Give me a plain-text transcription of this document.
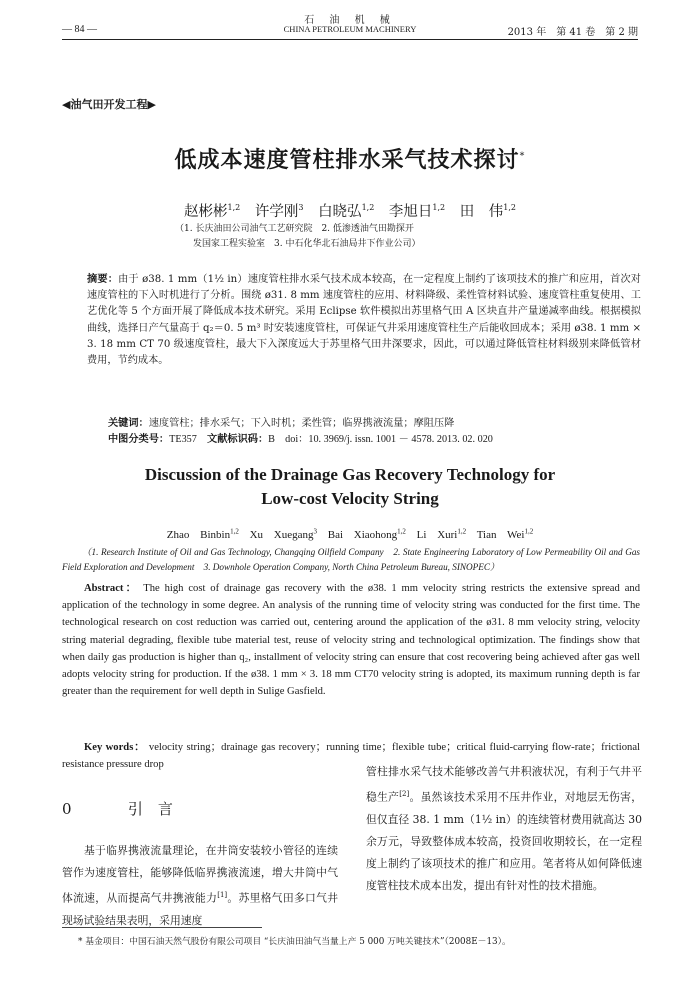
石 油 机 械
— 84 —	CHINA PETROLEUM MACHINERY	2013 年　第 41 卷　第 2 期
◀油气田开发工程▶
低成本速度管柱排水采气技术探讨*
赵彬彬$^{1,2}$ 许学刚$^3$ 白晓弘$^{1,2}$ 李旭日$^{1,2}$ 田　伟$^{1,2}$
（1. 长庆油田公司油气工艺研究院　2. 低渗透油气田勘探开
发国家工程实验室　3. 中石化华北石油局井下作业公司）
摘要：由于 ø38. 1 mm（1½ in）速度管柱排水采气技术成本较高，在一定程度上制约了该项技术的推广和应用，首次对速度管柱的下入时机进行了分析。围绕 ø31. 8 mm 速度管柱的应用、材料降级、柔性管材料试验、速度管柱重复使用、工艺优化等 5 个方面开展了降低成本技术研究。采用 Eclipse 软件模拟出苏里格气田 A 区块直井产量递减率曲线。根据模拟曲线，选择日产气量高于 q₂＝0. 5 m³ 时安装速度管柱，可保证气井采用速度管柱生产后能收回成本；采用 ø38. 1 mm × 3. 18 mm CT 70 级速度管柱，最大下入深度远大于苏里格气田井深要求，因此，可以通过降低管柱材料级别来降低管材费用，节约成本。
关键词：速度管柱；排水采气；下入时机；柔性管；临界携液流量；摩阻压降
中图分类号：TE357 文献标识码：B doi：10. 3969/j. issn. 1001 － 4578. 2013. 02. 020
Discussion of the Drainage Gas Recovery Technology for
Low-cost Velocity String
Zhao Binbin$^{1,2}$ Xu Xuegang$^3$ Bai Xiaohong$^{1,2}$ Li Xuri$^{1,2}$ Tian Wei$^{1,2}$
（1. Research Institute of Oil and Gas Technology, Changqing Oilfield Company　2. State Engineering Laboratory of Low Permeability Oil and Gas Field Exploration and Development　3. Downhole Operation Company, North China Petroleum Bureau, SINOPEC）
Abstract： The high cost of drainage gas recovery with the ø38. 1 mm velocity string restricts the extensive spread and application of the technology in some degree. An analysis of the running time of velocity string was conducted for the first time. The technological research on cost reduction was carried out, centering around the application of the ø31. 8 mm velocity string, velocity string material degrading, flexible tube material test, reuse of velocity string and technological optimization. The findings show that when daily gas production is higher than q₂, installment of velocity string can ensure that cost recovering being achieved after gas well adopts velocity string for production. If the ø38. 1 mm × 3. 18 mm CT70 velocity string is adopted, its maximum running depth is far greater than the requirement for well depth in Sulige Gasfield.
Key words： velocity string；drainage gas recovery；running time；flexible tube；critical fluid-carrying flow-rate；frictional resistance pressure drop
0	引　言
基于临界携液流量理论，在井筒安装较小管径的连续管作为速度管柱，能够降低临界携液流速，增大井筒中气体流速，从而提高气井携液能力[1]。苏里格气田多口气井现场试验结果表明，采用速度
管柱排水采气技术能够改善气井积液状况，有利于气井平稳生产[2]。虽然该技术采用不压井作业，对地层无伤害，但仅直径 38. 1 mm（1½ in）的连续管材费用就高达 30 余万元，导致整体成本较高，投资回收期较长，在一定程度上制约了该项技术的推广和应用。笔者将从如何降低速度管柱技术成本出发，提出有针对性的技术措施。
* 基金项目：中国石油天然气股份有限公司项目 “长庆油田油气当量上产 5 000 万吨关键技术”（2008E－13）。
